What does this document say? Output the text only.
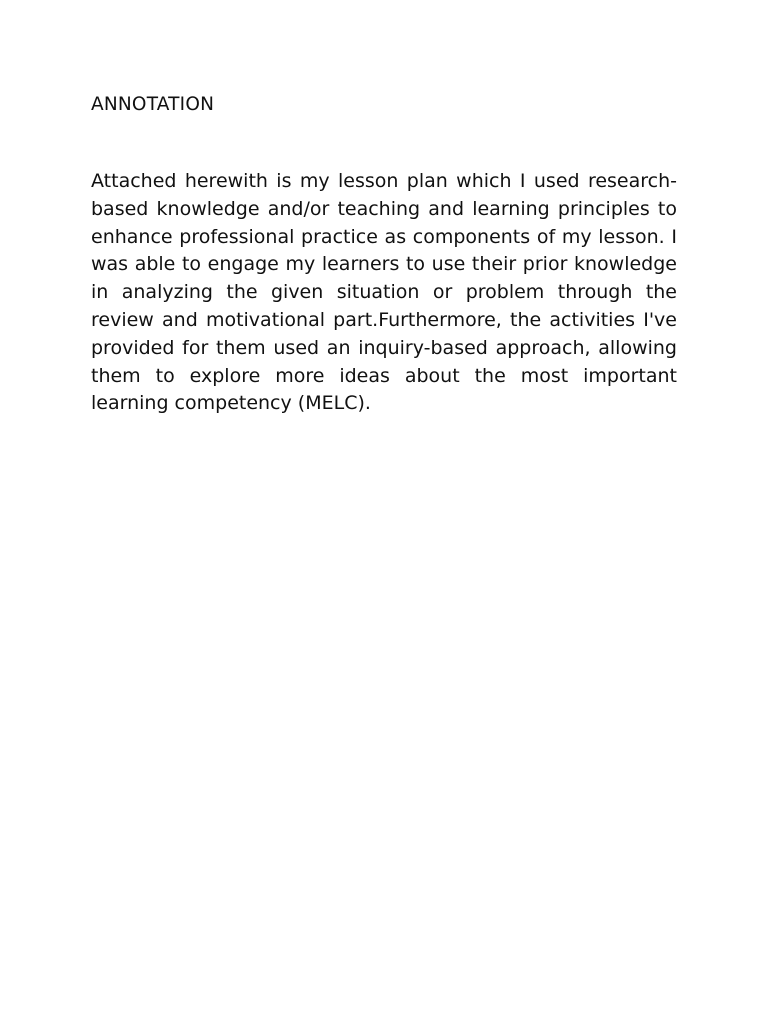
ANNOTATION

Attached herewith is my lesson plan which I used research-based knowledge and/or teaching and learning principles to enhance professional practice as components of my lesson. I was able to engage my learners to use their prior knowledge in analyzing the given situation or problem through the review and motivational part.Furthermore, the activities I've provided for them used an inquiry-based approach, allowing them to explore more ideas about the most important learning competency (MELC).
